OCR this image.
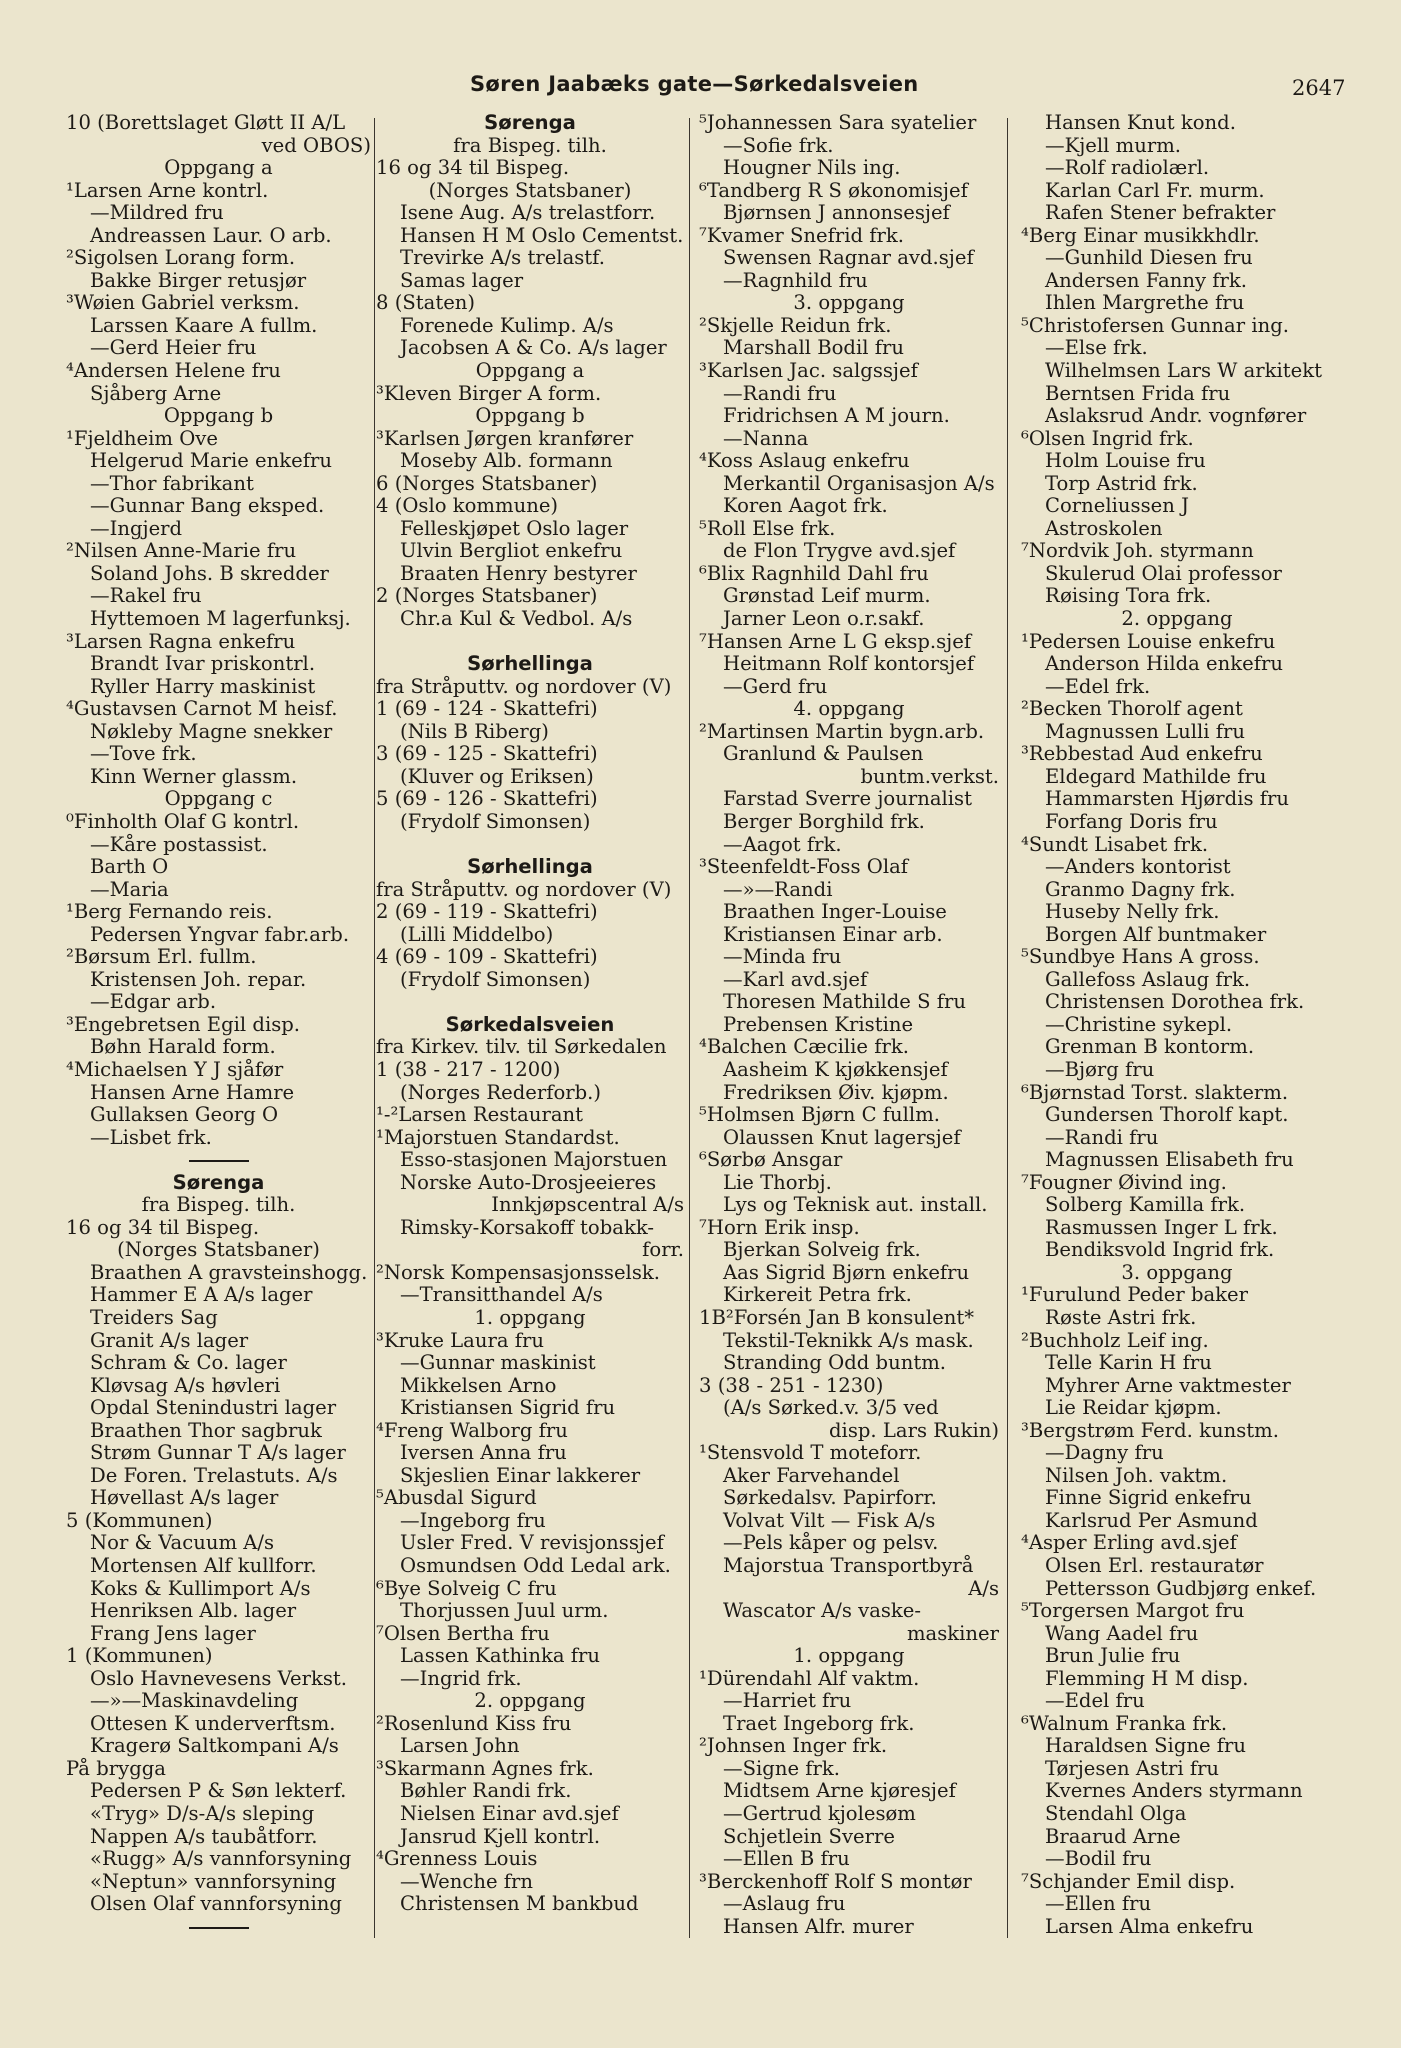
Søren Jaabæks gate—Sørkedalsveien	2647
10 (Borettslaget Gløtt II A/L
ved OBOS)
Oppgang a
¹Larsen Arne kontrl.
—Mildred fru
Andreassen Laur. O arb.
²Sigolsen Lorang form.
Bakke Birger retusjør
³Wøien Gabriel verksm.
Larssen Kaare A fullm.
—Gerd Heier fru
⁴Andersen Helene fru
Sjåberg Arne
Oppgang b
¹Fjeldheim Ove
Helgerud Marie enkefru
—Thor fabrikant
—Gunnar Bang eksped.
—Ingjerd
²Nilsen Anne-Marie fru
Soland Johs. B skredder
—Rakel fru
Hyttemoen M lagerfunksj.
³Larsen Ragna enkefru
Brandt Ivar priskontrl.
Ryller Harry maskinist
⁴Gustavsen Carnot M heisf.
Nøkleby Magne snekker
—Tove frk.
Kinn Werner glassm.
Oppgang c
⁰Finholth Olaf G kontrl.
—Kåre postassist.
Barth O
—Maria
¹Berg Fernando reis.
Pedersen Yngvar fabr.arb.
²Børsum Erl. fullm.
Kristensen Joh. repar.
—Edgar arb.
³Engebretsen Egil disp.
Bøhn Harald form.
⁴Michaelsen Y J sjåfør
Hansen Arne Hamre
Gullaksen Georg O
—Lisbet frk.
Sørenga
fra Bispeg. tilh.
16 og 34 til Bispeg.
(Norges Statsbaner)
Braathen A gravsteinshogg.
Hammer E A A/s lager
Treiders Sag
Granit A/s lager
Schram & Co. lager
Kløvsag A/s høvleri
Opdal Stenindustri lager
Braathen Thor sagbruk
Strøm Gunnar T A/s lager
De Foren. Trelastuts. A/s
Høvellast A/s lager
5 (Kommunen)
Nor & Vacuum A/s
Mortensen Alf kullforr.
Koks & Kullimport A/s
Henriksen Alb. lager
Frang Jens lager
1 (Kommunen)
Oslo Havnevesens Verkst.
—»—Maskinavdeling
Ottesen K underverftsm.
Kragerø Saltkompani A/s
På brygga
Pedersen P & Søn lekterf.
«Tryg» D/s-A/s sleping
Nappen A/s taubåtforr.
«Rugg» A/s vannforsyning
«Neptun» vannforsyning
Olsen Olaf vannforsyning
Sørenga
fra Bispeg. tilh.
16 og 34 til Bispeg.
(Norges Statsbaner)
Isene Aug. A/s trelastforr.
Hansen H M Oslo Cementst.
Trevirke A/s trelastf.
Samas lager
8 (Staten)
Forenede Kulimp. A/s
Jacobsen A & Co. A/s lager
Oppgang a
³Kleven Birger A form.
Oppgang b
³Karlsen Jørgen kranfører
Moseby Alb. formann
6 (Norges Statsbaner)
4 (Oslo kommune)
Felleskjøpet Oslo lager
Ulvin Bergliot enkefru
Braaten Henry bestyrer
2 (Norges Statsbaner)
Chr.a Kul & Vedbol. A/s
Sørhellinga
fra Stråputtv. og nordover (V)
1 (69 - 124 - Skattefri)
(Nils B Riberg)
3 (69 - 125 - Skattefri)
(Kluver og Eriksen)
5 (69 - 126 - Skattefri)
(Frydolf Simonsen)
Sørhellinga
fra Stråputtv. og nordover (V)
2 (69 - 119 - Skattefri)
(Lilli Middelbo)
4 (69 - 109 - Skattefri)
(Frydolf Simonsen)
Sørkedalsveien
fra Kirkev. tilv. til Sørkedalen
1 (38 - 217 - 1200)
(Norges Rederforb.)
¹-²Larsen Restaurant
¹Majorstuen Standardst.
Esso-stasjonen Majorstuen
Norske Auto-Drosjeeieres
Innkjøpscentral A/s
Rimsky-Korsakoff tobakk-
forr.
²Norsk Kompensasjonsselsk.
—Transitthandel A/s
1. oppgang
³Kruke Laura fru
—Gunnar maskinist
Mikkelsen Arno
Kristiansen Sigrid fru
⁴Freng Walborg fru
Iversen Anna fru
Skjeslien Einar lakkerer
⁵Abusdal Sigurd
—Ingeborg fru
Usler Fred. V revisjonssjef
Osmundsen Odd Ledal ark.
⁶Bye Solveig C fru
Thorjussen Juul urm.
⁷Olsen Bertha fru
Lassen Kathinka fru
—Ingrid frk.
2. oppgang
²Rosenlund Kiss fru
Larsen John
³Skarmann Agnes frk.
Bøhler Randi frk.
Nielsen Einar avd.sjef
Jansrud Kjell kontrl.
⁴Grenness Louis
—Wenche frn
Christensen M bankbud
⁵Johannessen Sara syatelier
—Sofie frk.
Hougner Nils ing.
⁶Tandberg R S økonomisjef
Bjørnsen J annonsesjef
⁷Kvamer Snefrid frk.
Swensen Ragnar avd.sjef
—Ragnhild fru
3. oppgang
²Skjelle Reidun frk.
Marshall Bodil fru
³Karlsen Jac. salgssjef
—Randi fru
Fridrichsen A M journ.
—Nanna
⁴Koss Aslaug enkefru
Merkantil Organisasjon A/s
Koren Aagot frk.
⁵Roll Else frk.
de Flon Trygve avd.sjef
⁶Blix Ragnhild Dahl fru
Grønstad Leif murm.
Jarner Leon o.r.sakf.
⁷Hansen Arne L G eksp.sjef
Heitmann Rolf kontorsjef
—Gerd fru
4. oppgang
²Martinsen Martin bygn.arb.
Granlund & Paulsen
buntm.verkst.
Farstad Sverre journalist
Berger Borghild frk.
—Aagot frk.
³Steenfeldt-Foss Olaf
—»—Randi
Braathen Inger-Louise
Kristiansen Einar arb.
—Minda fru
—Karl avd.sjef
Thoresen Mathilde S fru
Prebensen Kristine
⁴Balchen Cæcilie frk.
Aasheim K kjøkkensjef
Fredriksen Øiv. kjøpm.
⁵Holmsen Bjørn C fullm.
Olaussen Knut lagersjef
⁶Sørbø Ansgar
Lie Thorbj.
Lys og Teknisk aut. install.
⁷Horn Erik insp.
Bjerkan Solveig frk.
Aas Sigrid Bjørn enkefru
Kirkereit Petra frk.
1B²Forsén Jan B konsulent*
Tekstil-Teknikk A/s mask.
Stranding Odd buntm.
3 (38 - 251 - 1230)
(A/s Sørked.v. 3/5 ved
disp. Lars Rukin)
¹Stensvold T moteforr.
Aker Farvehandel
Sørkedalsv. Papirforr.
Volvat Vilt — Fisk A/s
—Pels kåper og pelsv.
Majorstua Transportbyrå
A/s
Wascator A/s vaske-
maskiner
1. oppgang
¹Dürendahl Alf vaktm.
—Harriet fru
Traet Ingeborg frk.
²Johnsen Inger frk.
—Signe frk.
Midtsem Arne kjøresjef
—Gertrud kjolesøm
Schjetlein Sverre
—Ellen B fru
³Berckenhoff Rolf S montør
—Aslaug fru
Hansen Alfr. murer
Hansen Knut kond.
—Kjell murm.
—Rolf radiolærl.
Karlan Carl Fr. murm.
Rafen Stener befrakter
⁴Berg Einar musikkhdlr.
—Gunhild Diesen fru
Andersen Fanny frk.
Ihlen Margrethe fru
⁵Christofersen Gunnar ing.
—Else frk.
Wilhelmsen Lars W arkitekt
Berntsen Frida fru
Aslaksrud Andr. vognfører
⁶Olsen Ingrid frk.
Holm Louise fru
Torp Astrid frk.
Corneliussen J
Astroskolen
⁷Nordvik Joh. styrmann
Skulerud Olai professor
Røising Tora frk.
2. oppgang
¹Pedersen Louise enkefru
Anderson Hilda enkefru
—Edel frk.
²Becken Thorolf agent
Magnussen Lulli fru
³Rebbestad Aud enkefru
Eldegard Mathilde fru
Hammarsten Hjørdis fru
Forfang Doris fru
⁴Sundt Lisabet frk.
—Anders kontorist
Granmo Dagny frk.
Huseby Nelly frk.
Borgen Alf buntmaker
⁵Sundbye Hans A gross.
Gallefoss Aslaug frk.
Christensen Dorothea frk.
—Christine sykepl.
Grenman B kontorm.
—Bjørg fru
⁶Bjørnstad Torst. slakterm.
Gundersen Thorolf kapt.
—Randi fru
Magnussen Elisabeth fru
⁷Fougner Øivind ing.
Solberg Kamilla frk.
Rasmussen Inger L frk.
Bendiksvold Ingrid frk.
3. oppgang
¹Furulund Peder baker
Røste Astri frk.
²Buchholz Leif ing.
Telle Karin H fru
Myhrer Arne vaktmester
Lie Reidar kjøpm.
³Bergstrøm Ferd. kunstm.
—Dagny fru
Nilsen Joh. vaktm.
Finne Sigrid enkefru
Karlsrud Per Asmund
⁴Asper Erling avd.sjef
Olsen Erl. restauratør
Pettersson Gudbjørg enkef.
⁵Torgersen Margot fru
Wang Aadel fru
Brun Julie fru
Flemming H M disp.
—Edel fru
⁶Walnum Franka frk.
Haraldsen Signe fru
Tørjesen Astri fru
Kvernes Anders styrmann
Stendahl Olga
Braarud Arne
—Bodil fru
⁷Schjander Emil disp.
—Ellen fru
Larsen Alma enkefru
